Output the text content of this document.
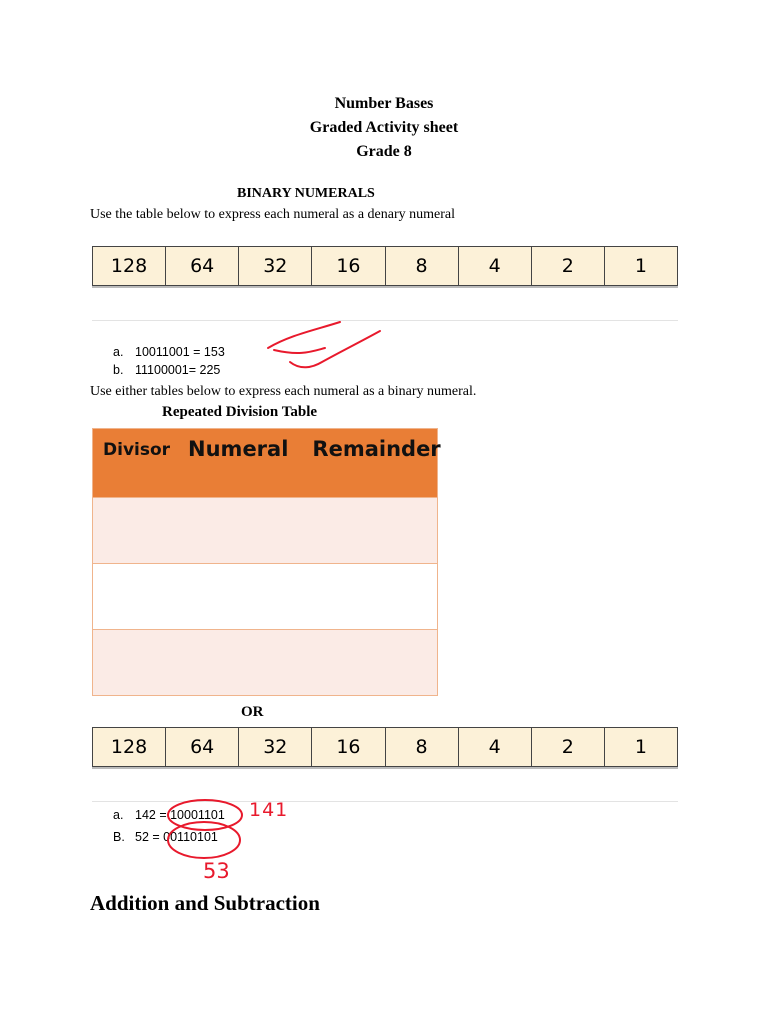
Number Bases
Graded Activity sheet
Grade 8
BINARY NUMERALS
Use the table below to express each numeral as a denary numeral
128	64	32	16	8	4	2	1
a. 10011001 = 153
b. 11100001= 225
Use either tables below to express each numeral as a binary numeral.
Repeated Division Table
Divisor Numeral Remainder
OR
128	64	32	16	8	4	2	1
a. 142 = 10001101
B. 52 = 00110101
Addition and Subtraction
141
53
